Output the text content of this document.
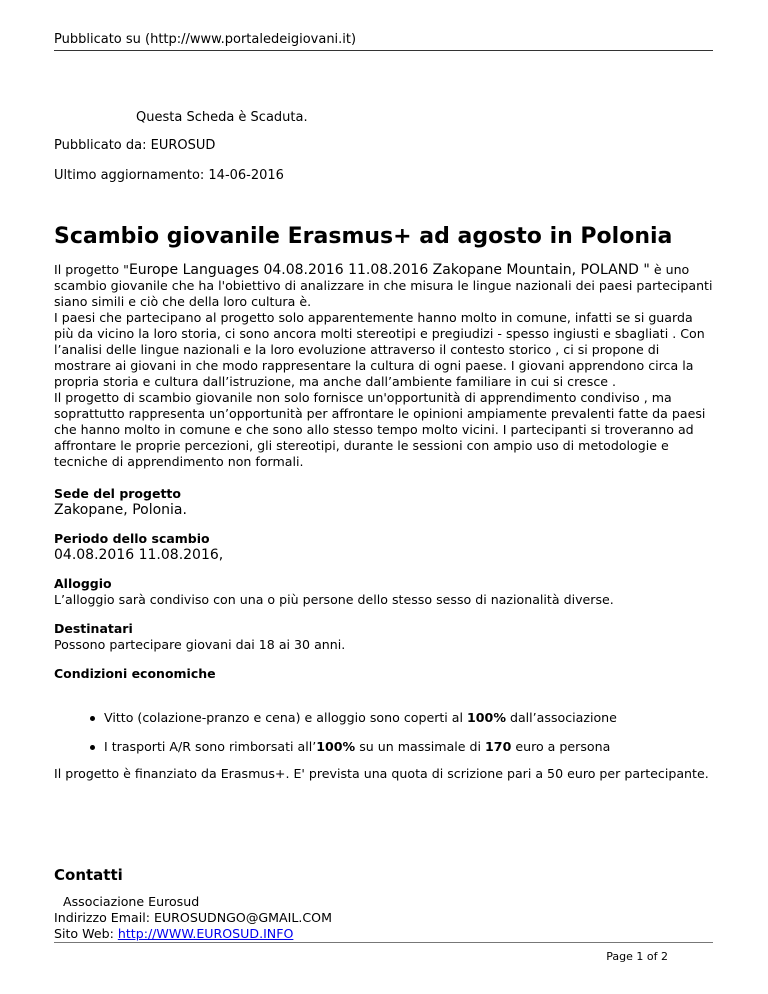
Pubblicato su (http://www.portaledeigiovani.it)
Questa Scheda è Scaduta.
Pubblicato da: EUROSUD
Ultimo aggiornamento: 14-06-2016
Scambio giovanile Erasmus+ ad agosto in Polonia

Il progetto "Europe Languages 04.08.2016 11.08.2016 Zakopane Mountain, POLAND " è uno scambio giovanile che ha l'obiettivo di analizzare in che misura le lingue nazionali dei paesi partecipanti siano simili e ciò che della loro cultura è.

I paesi che partecipano al progetto solo apparentemente hanno molto in comune, infatti se si guarda più da vicino la loro storia, ci sono ancora molti stereotipi e pregiudizi - spesso ingiusti e sbagliati . Con l’analisi delle lingue nazionali e la loro evoluzione attraverso il contesto storico , ci si propone di mostrare ai giovani in che modo rappresentare la cultura di ogni paese. I giovani apprendono circa la propria storia e cultura dall’istruzione, ma anche dall’ambiente familiare in cui si cresce .

Il progetto di scambio giovanile non solo fornisce un'opportunità di apprendimento condiviso , ma soprattutto rappresenta un’opportunità per affrontare le opinioni ampiamente prevalenti fatte da paesi che hanno molto in comune e che sono allo stesso tempo molto vicini. I partecipanti si troveranno ad affrontare le proprie percezioni, gli stereotipi, durante le sessioni con ampio uso di metodologie e tecniche di apprendimento non formali.

Sede del progetto
Zakopane, Polonia.
Periodo dello scambio
04.08.2016 11.08.2016,
Alloggio
L’alloggio sarà condiviso con una o più persone dello stesso sesso di nazionalità diverse.
Destinatari
Possono partecipare giovani dai 18 ai 30 anni.
Condizioni economiche
Vitto (colazione-pranzo e cena) e alloggio sono coperti al 100% dall’associazione
I trasporti A/R sono rimborsati all’100% su un massimale di 170 euro a persona
Il progetto è finanziato da Erasmus+. E' prevista una quota di scrizione pari a 50 euro per partecipante.
Contatti
Associazione Eurosud
Indirizzo Email: EUROSUDNGO@GMAIL.COM
Sito Web: http://WWW.EUROSUD.INFO
Page 1 of 2
